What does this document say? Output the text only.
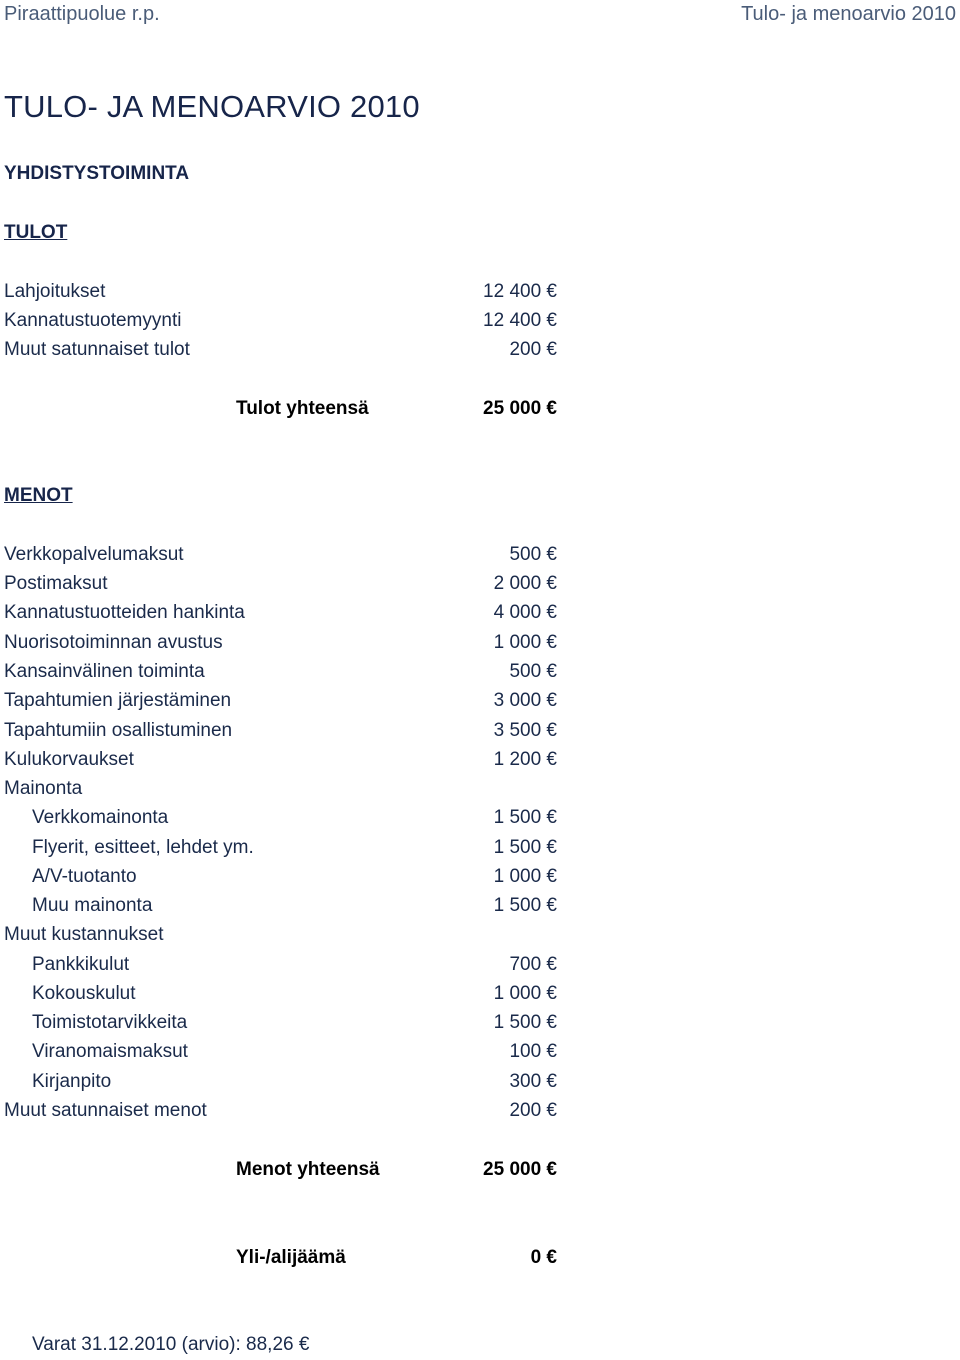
Piraattipuolue r.p.	Tulo- ja menoarvio 2010
TULO- JA MENOARVIO 2010
YHDISTYSTOIMINTA
TULOT
Lahjoitukset	12 400 €
Kannatustuotemyynti	12 400 €
Muut satunnaiset tulot	200 €
Tulot yhteensä	25 000 €
MENOT
Verkkopalvelumaksut	500 €
Postimaksut	2 000 €
Kannatustuotteiden hankinta	4 000 €
Nuorisotoiminnan avustus	1 000 €
Kansainvälinen toiminta	500 €
Tapahtumien järjestäminen	3 000 €
Tapahtumiin osallistuminen	3 500 €
Kulukorvaukset	1 200 €
Mainonta
Verkkomainonta	1 500 €
Flyerit, esitteet, lehdet ym.	1 500 €
A/V-tuotanto	1 000 €
Muu mainonta	1 500 €
Muut kustannukset
Pankkikulut	700 €
Kokouskulut	1 000 €
Toimistotarvikkeita	1 500 €
Viranomaismaksut	100 €
Kirjanpito	300 €
Muut satunnaiset menot	200 €
Menot yhteensä	25 000 €
Yli-/alijäämä	0 €
Varat 31.12.2010 (arvio): 88,26 €
